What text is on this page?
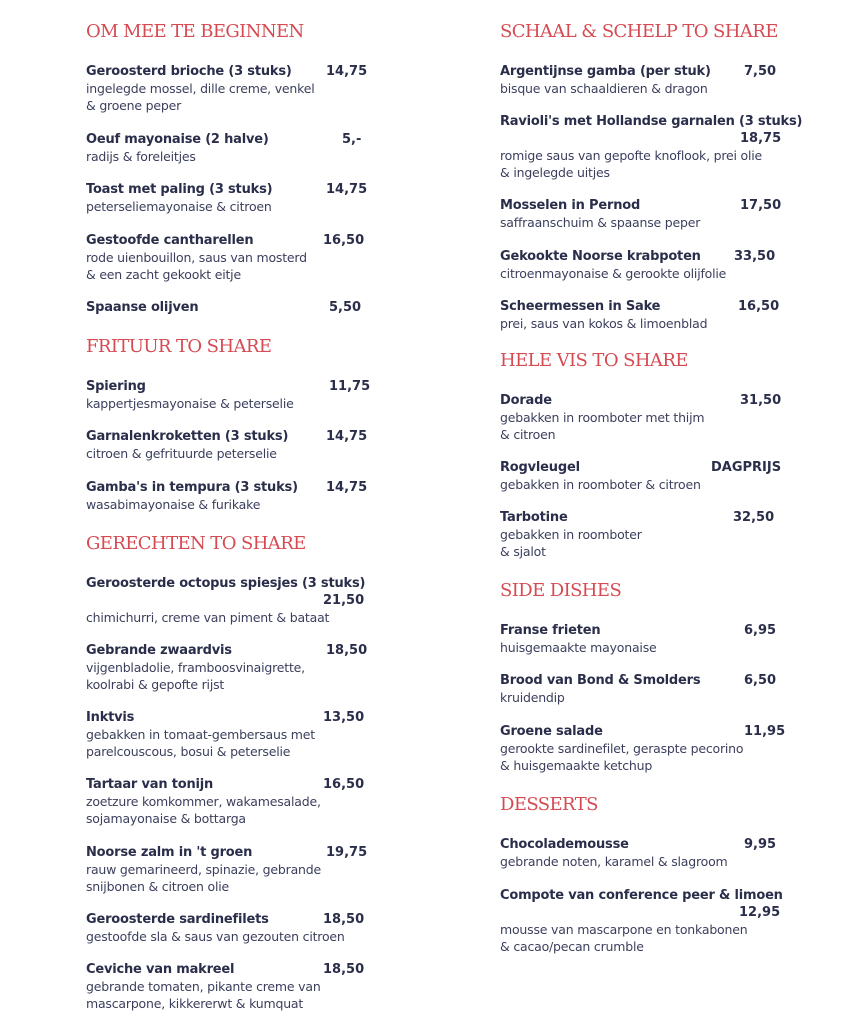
OM MEE TE BEGINNEN
Geroosterd brioche (3 stuks)	14,75
ingelegde mossel, dille creme, venkel
& groene peper
Oeuf mayonaise (2 halve)	5,-
radijs & foreleitjes
Toast met paling (3 stuks)	14,75
peterseliemayonaise & citroen
Gestoofde cantharellen	16,50
rode uienbouillon, saus van mosterd
& een zacht gekookt eitje
Spaanse olijven	5,50
FRITUUR TO SHARE
Spiering	11,75
kappertjesmayonaise & peterselie
Garnalenkroketten (3 stuks)	14,75
citroen & gefrituurde peterselie
Gamba's in tempura (3 stuks)	14,75
wasabimayonaise & furikake
GERECHTEN TO SHARE
Geroosterde octopus spiesjes (3 stuks)
21,50
chimichurri, creme van piment & bataat
Gebrande zwaardvis	18,50
vijgenbladolie, framboosvinaigrette,
koolrabi & gepofte rijst
Inktvis	13,50
gebakken in tomaat-gembersaus met
parelcouscous, bosui & peterselie
Tartaar van tonijn	16,50
zoetzure komkommer, wakamesalade,
sojamayonaise & bottarga
Noorse zalm in 't groen	19,75
rauw gemarineerd, spinazie, gebrande
snijbonen & citroen olie
Geroosterde sardinefilets	18,50
gestoofde sla & saus van gezouten citroen
Ceviche van makreel	18,50
gebrande tomaten, pikante creme van
mascarpone, kikkererwt & kumquat
SCHAAL & SCHELP TO SHARE
Argentijnse gamba (per stuk)	7,50
bisque van schaaldieren & dragon
Ravioli's met Hollandse garnalen (3 stuks)
18,75
romige saus van gepofte knoflook, prei olie
& ingelegde uitjes
Mosselen in Pernod	17,50
saffraanschuim & spaanse peper
Gekookte Noorse krabpoten	33,50
citroenmayonaise & gerookte olijfolie
Scheermessen in Sake	16,50
prei, saus van kokos & limoenblad
HELE VIS TO SHARE
Dorade	31,50
gebakken in roomboter met thijm
& citroen
Rogvleugel	DAGPRIJS
gebakken in roomboter & citroen
Tarbotine	32,50
gebakken in roomboter
& sjalot
SIDE DISHES
Franse frieten	6,95
huisgemaakte mayonaise
Brood van Bond & Smolders	6,50
kruidendip
Groene salade	11,95
gerookte sardinefilet, geraspte pecorino
& huisgemaakte ketchup
DESSERTS
Chocolademousse	9,95
gebrande noten, karamel & slagroom
Compote van conference peer & limoen
12,95
mousse van mascarpone en tonkabonen
& cacao/pecan crumble
